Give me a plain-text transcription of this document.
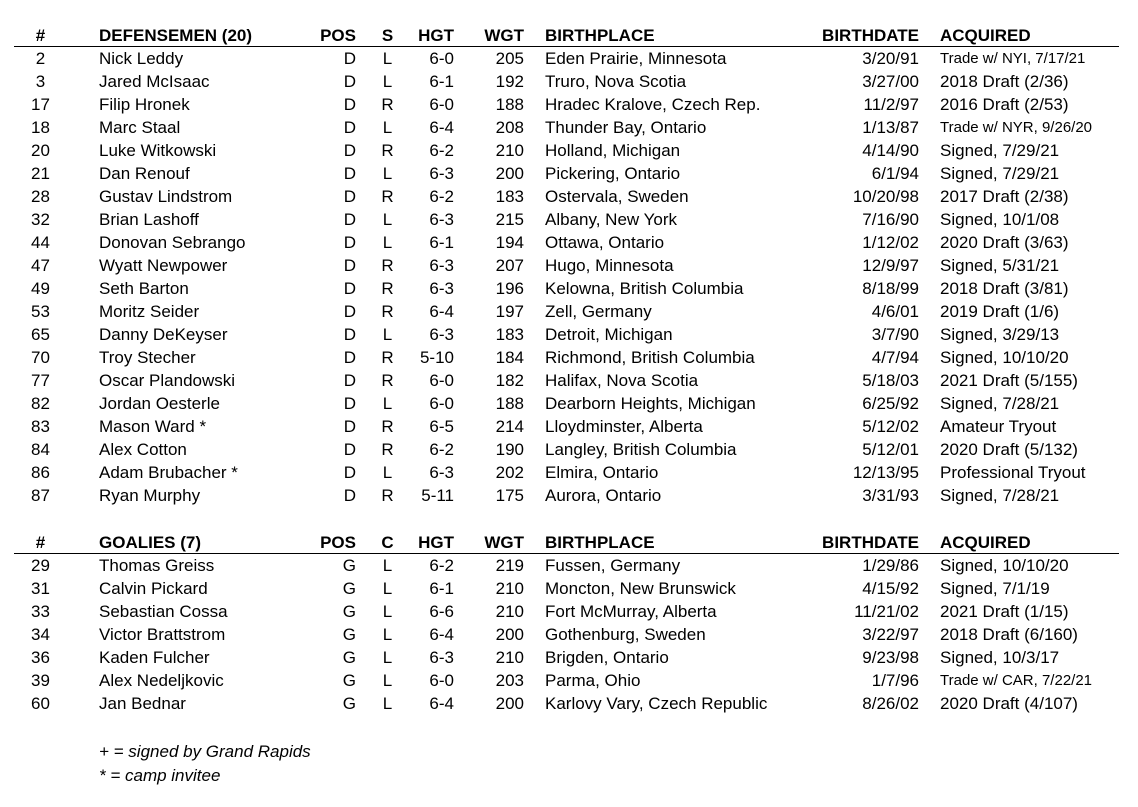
#	DEFENSEMEN (20)	POS	S	HGT	WGT BIRTHPLACE	BIRTHDATE ACQUIRED
2	Nick Leddy	D	L	6-0	205 Eden Prairie, Minnesota	3/20/91 Trade w/ NYI, 7/17/21
3	Jared McIsaac	D	L	6-1	192 Truro, Nova Scotia	3/27/00 2018 Draft (2/36)
17	Filip Hronek	D	R	6-0	188 Hradec Kralove, Czech Rep.	11/2/97 2016 Draft (2/53)
18	Marc Staal	D	L	6-4	208 Thunder Bay, Ontario	1/13/87 Trade w/ NYR, 9/26/20
20	Luke Witkowski	D	R	6-2	210 Holland, Michigan	4/14/90 Signed, 7/29/21
21	Dan Renouf	D	L	6-3	200 Pickering, Ontario	6/1/94 Signed, 7/29/21
28	Gustav Lindstrom	D	R	6-2	183 Ostervala, Sweden	10/20/98 2017 Draft (2/38)
32	Brian Lashoff	D	L	6-3	215 Albany, New York	7/16/90 Signed, 10/1/08
44	Donovan Sebrango	D	L	6-1	194 Ottawa, Ontario	1/12/02 2020 Draft (3/63)
47	Wyatt Newpower	D	R	6-3	207 Hugo, Minnesota	12/9/97 Signed, 5/31/21
49	Seth Barton	D	R	6-3	196 Kelowna, British Columbia	8/18/99 2018 Draft (3/81)
53	Moritz Seider	D	R	6-4	197 Zell, Germany	4/6/01 2019 Draft (1/6)
65	Danny DeKeyser	D	L	6-3	183 Detroit, Michigan	3/7/90 Signed, 3/29/13
70	Troy Stecher	D	R	5-10	184 Richmond, British Columbia	4/7/94 Signed, 10/10/20
77	Oscar Plandowski	D	R	6-0	182 Halifax, Nova Scotia	5/18/03 2021 Draft (5/155)
82	Jordan Oesterle	D	L	6-0	188 Dearborn Heights, Michigan	6/25/92 Signed, 7/28/21
83	Mason Ward *	D	R	6-5	214 Lloydminster, Alberta	5/12/02 Amateur Tryout
84	Alex Cotton	D	R	6-2	190 Langley, British Columbia	5/12/01 2020 Draft (5/132)
86	Adam Brubacher *	D	L	6-3	202 Elmira, Ontario	12/13/95 Professional Tryout
87	Ryan Murphy	D	R	5-11	175 Aurora, Ontario	3/31/93 Signed, 7/28/21
#	GOALIES (7)	POS	C	HGT	WGT BIRTHPLACE	BIRTHDATE ACQUIRED
29	Thomas Greiss	G	L	6-2	219 Fussen, Germany	1/29/86 Signed, 10/10/20
31	Calvin Pickard	G	L	6-1	210 Moncton, New Brunswick	4/15/92 Signed, 7/1/19
33	Sebastian Cossa	G	L	6-6	210 Fort McMurray, Alberta	11/21/02 2021 Draft (1/15)
34	Victor Brattstrom	G	L	6-4	200 Gothenburg, Sweden	3/22/97 2018 Draft (6/160)
36	Kaden Fulcher	G	L	6-3	210 Brigden, Ontario	9/23/98 Signed, 10/3/17
39	Alex Nedeljkovic	G	L	6-0	203 Parma, Ohio	1/7/96 Trade w/ CAR, 7/22/21
60	Jan Bednar	G	L	6-4	200 Karlovy Vary, Czech Republic	8/26/02 2020 Draft (4/107)
+ = signed by Grand Rapids
* = camp invitee
